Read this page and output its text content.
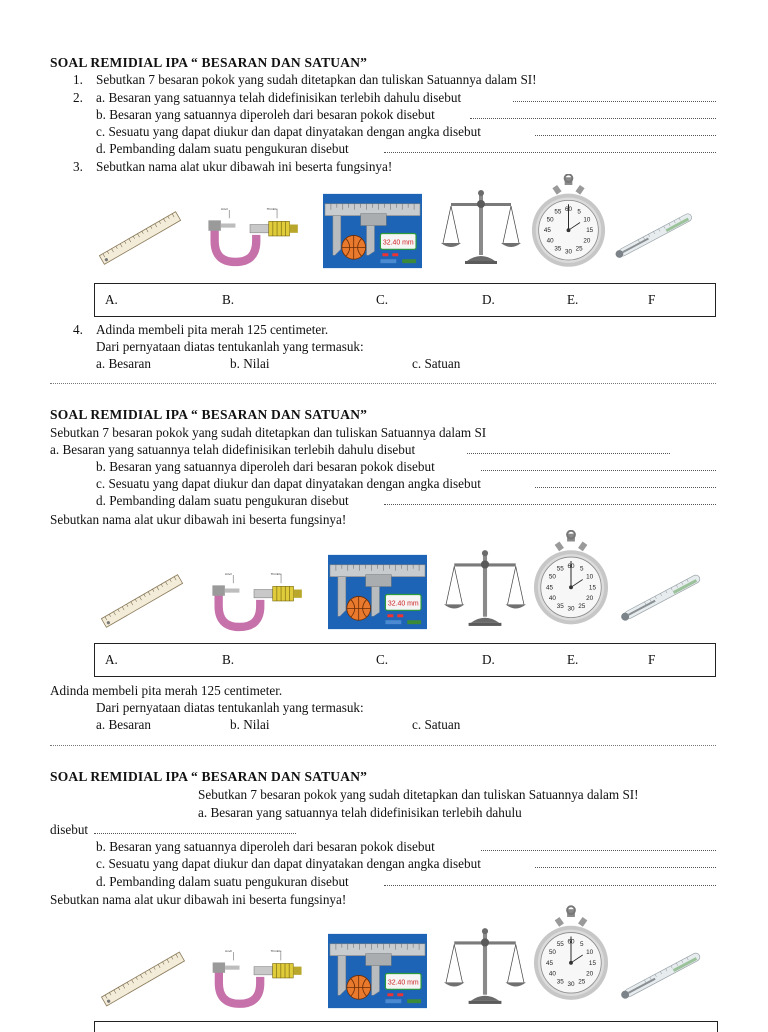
SOAL REMIDIAL IPA “ BESARAN DAN SATUAN”
1. Sebutkan 7 besaran pokok yang sudah ditetapkan dan tuliskan Satuannya dalam SI!
2. a. Besaran yang satuannya telah didefinisikan terlebih dahulu disebut
b. Besaran yang satuannya diperoleh dari besaran pokok disebut
c. Sesuatu yang dapat diukur dan dapat dinyatakan dengan angka disebut
d. Pembanding dalam suatu pengukuran disebut
3. Sebutkan nama alat ukur dibawah ini beserta fungsinya!
A.	B.	C.	D.	E.	F
4. Adinda membeli pita merah 125 centimeter.
Dari pernyataan diatas tentukanlah yang termasuk:
a. Besaran	b. Nilai	c. Satuan
SOAL REMIDIAL IPA “ BESARAN DAN SATUAN”
Sebutkan 7 besaran pokok yang sudah ditetapkan dan tuliskan Satuannya dalam SI
a. Besaran yang satuannya telah didefinisikan terlebih dahulu disebut
b. Besaran yang satuannya diperoleh dari besaran pokok disebut
c. Sesuatu yang dapat diukur dan dapat dinyatakan dengan angka disebut
d. Pembanding dalam suatu pengukuran disebut
Sebutkan nama alat ukur dibawah ini beserta fungsinya!
A.	B.	C.	D.	E.	F
Adinda membeli pita merah 125 centimeter.
Dari pernyataan diatas tentukanlah yang termasuk:
a. Besaran	b. Nilai	c. Satuan
SOAL REMIDIAL IPA “ BESARAN DAN SATUAN”
Sebutkan 7 besaran pokok yang sudah ditetapkan dan tuliskan Satuannya dalam SI!
a. Besaran yang satuannya telah didefinisikan terlebih dahulu
disebut
b. Besaran yang satuannya diperoleh dari besaran pokok disebut
c. Sesuatu yang dapat diukur dan dapat dinyatakan dengan angka disebut
d. Pembanding dalam suatu pengukuran disebut
Sebutkan nama alat ukur dibawah ini beserta fungsinya!
